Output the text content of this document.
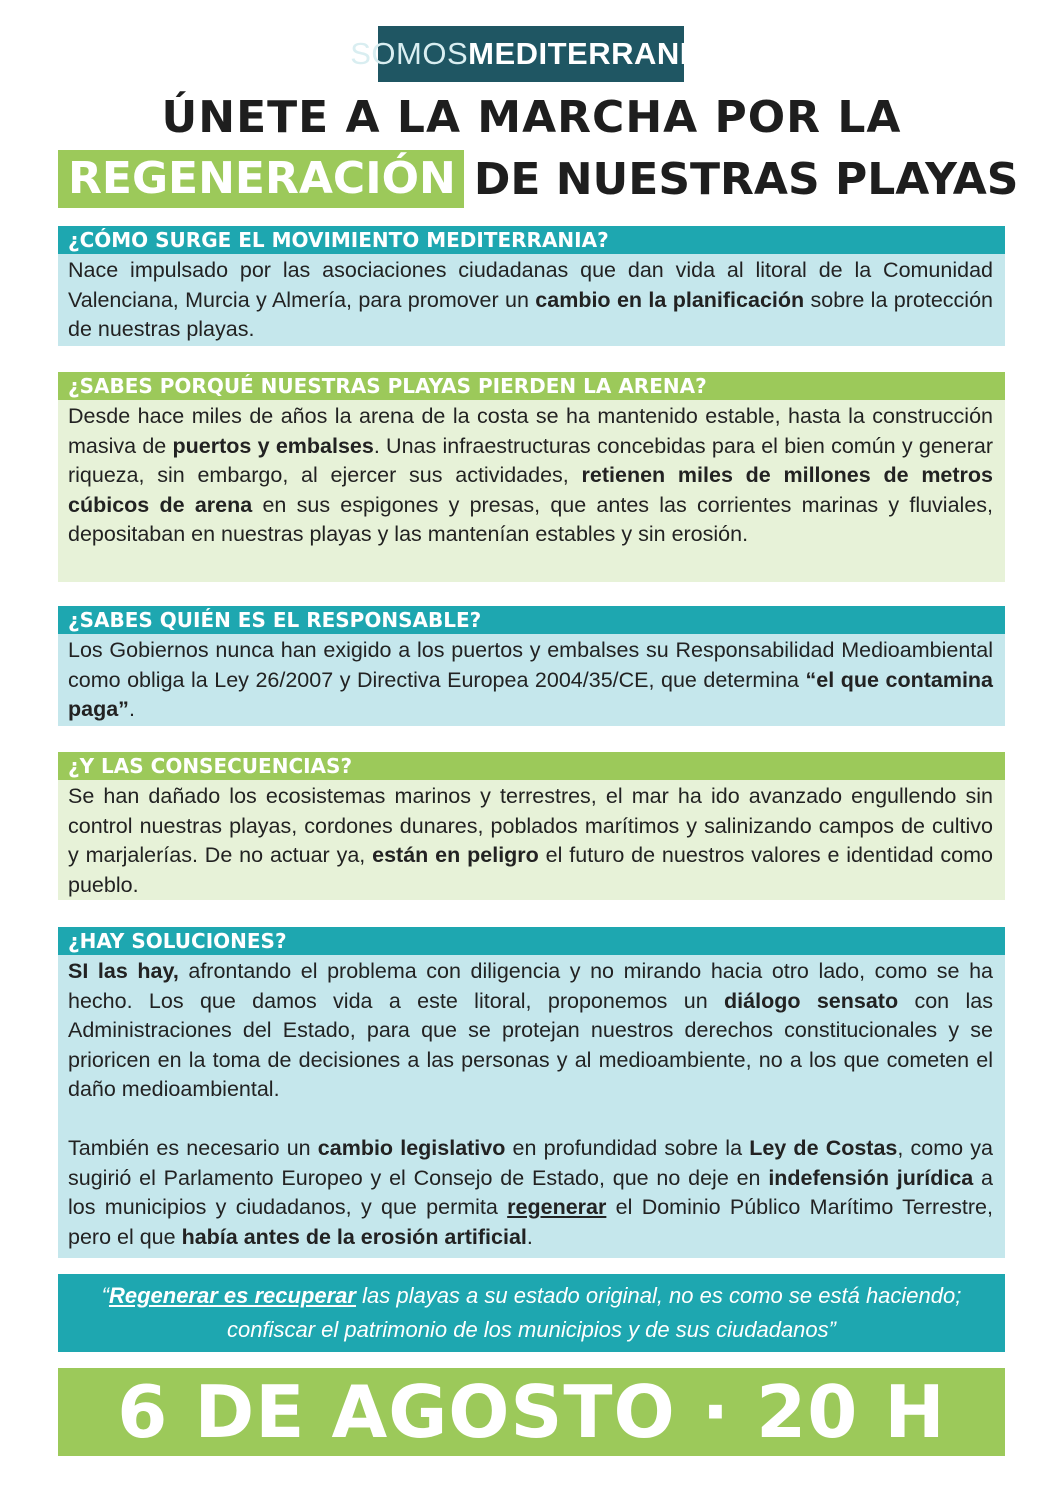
SOMOS MEDITERRANIA
ÚNETE A LA MARCHA POR LA
REGENERACIÓN DE NUESTRAS PLAYAS
¿CÓMO SURGE EL MOVIMIENTO MEDITERRANIA?

Nace impulsado por las asociaciones ciudadanas que dan vida al litoral de la Comunidad Valenciana, Murcia y Almería, para promover un cambio en la planificación sobre la protección de nuestras playas.

¿SABES PORQUÉ NUESTRAS PLAYAS PIERDEN LA ARENA?

Desde hace miles de años la arena de la costa se ha mantenido estable, hasta la construcción masiva de puertos y embalses. Unas infraestructuras concebidas para el bien común y generar riqueza, sin embargo, al ejercer sus actividades, retienen miles de millones de metros cúbicos de arena en sus espigones y presas, que antes las corrientes marinas y fluviales, depositaban en nuestras playas y las mantenían estables y sin erosión.

¿SABES QUIÉN ES EL RESPONSABLE?

Los Gobiernos nunca han exigido a los puertos y embalses su Responsabilidad Medioambiental como obliga la Ley 26/2007 y Directiva Europea 2004/35/CE, que determina “el que contamina paga”.

¿Y LAS CONSECUENCIAS?

Se han dañado los ecosistemas marinos y terrestres, el mar ha ido avanzado engullendo sin control nuestras playas, cordones dunares, poblados marítimos y salinizando campos de cultivo y marjalerías. De no actuar ya, están en peligro el futuro de nuestros valores e identidad como pueblo.

¿HAY SOLUCIONES?

SI las hay, afrontando el problema con diligencia y no mirando hacia otro lado, como se ha hecho. Los que damos vida a este litoral, proponemos un diálogo sensato con las Administraciones del Estado, para que se protejan nuestros derechos constitucionales y se prioricen en la toma de decisiones a las personas y al medioambiente, no a los que cometen el daño medioambiental.

También es necesario un cambio legislativo en profundidad sobre la Ley de Costas, como ya sugirió el Parlamento Europeo y el Consejo de Estado, que no deje en indefensión jurídica a los municipios y ciudadanos, y que permita regenerar el Dominio Público Marítimo Terrestre, pero el que había antes de la erosión artificial.

“Regenerar es recuperar las playas a su estado original, no es como se está haciendo; confiscar el patrimonio de los municipios y de sus ciudadanos”
6 DE AGOSTO · 20 H
